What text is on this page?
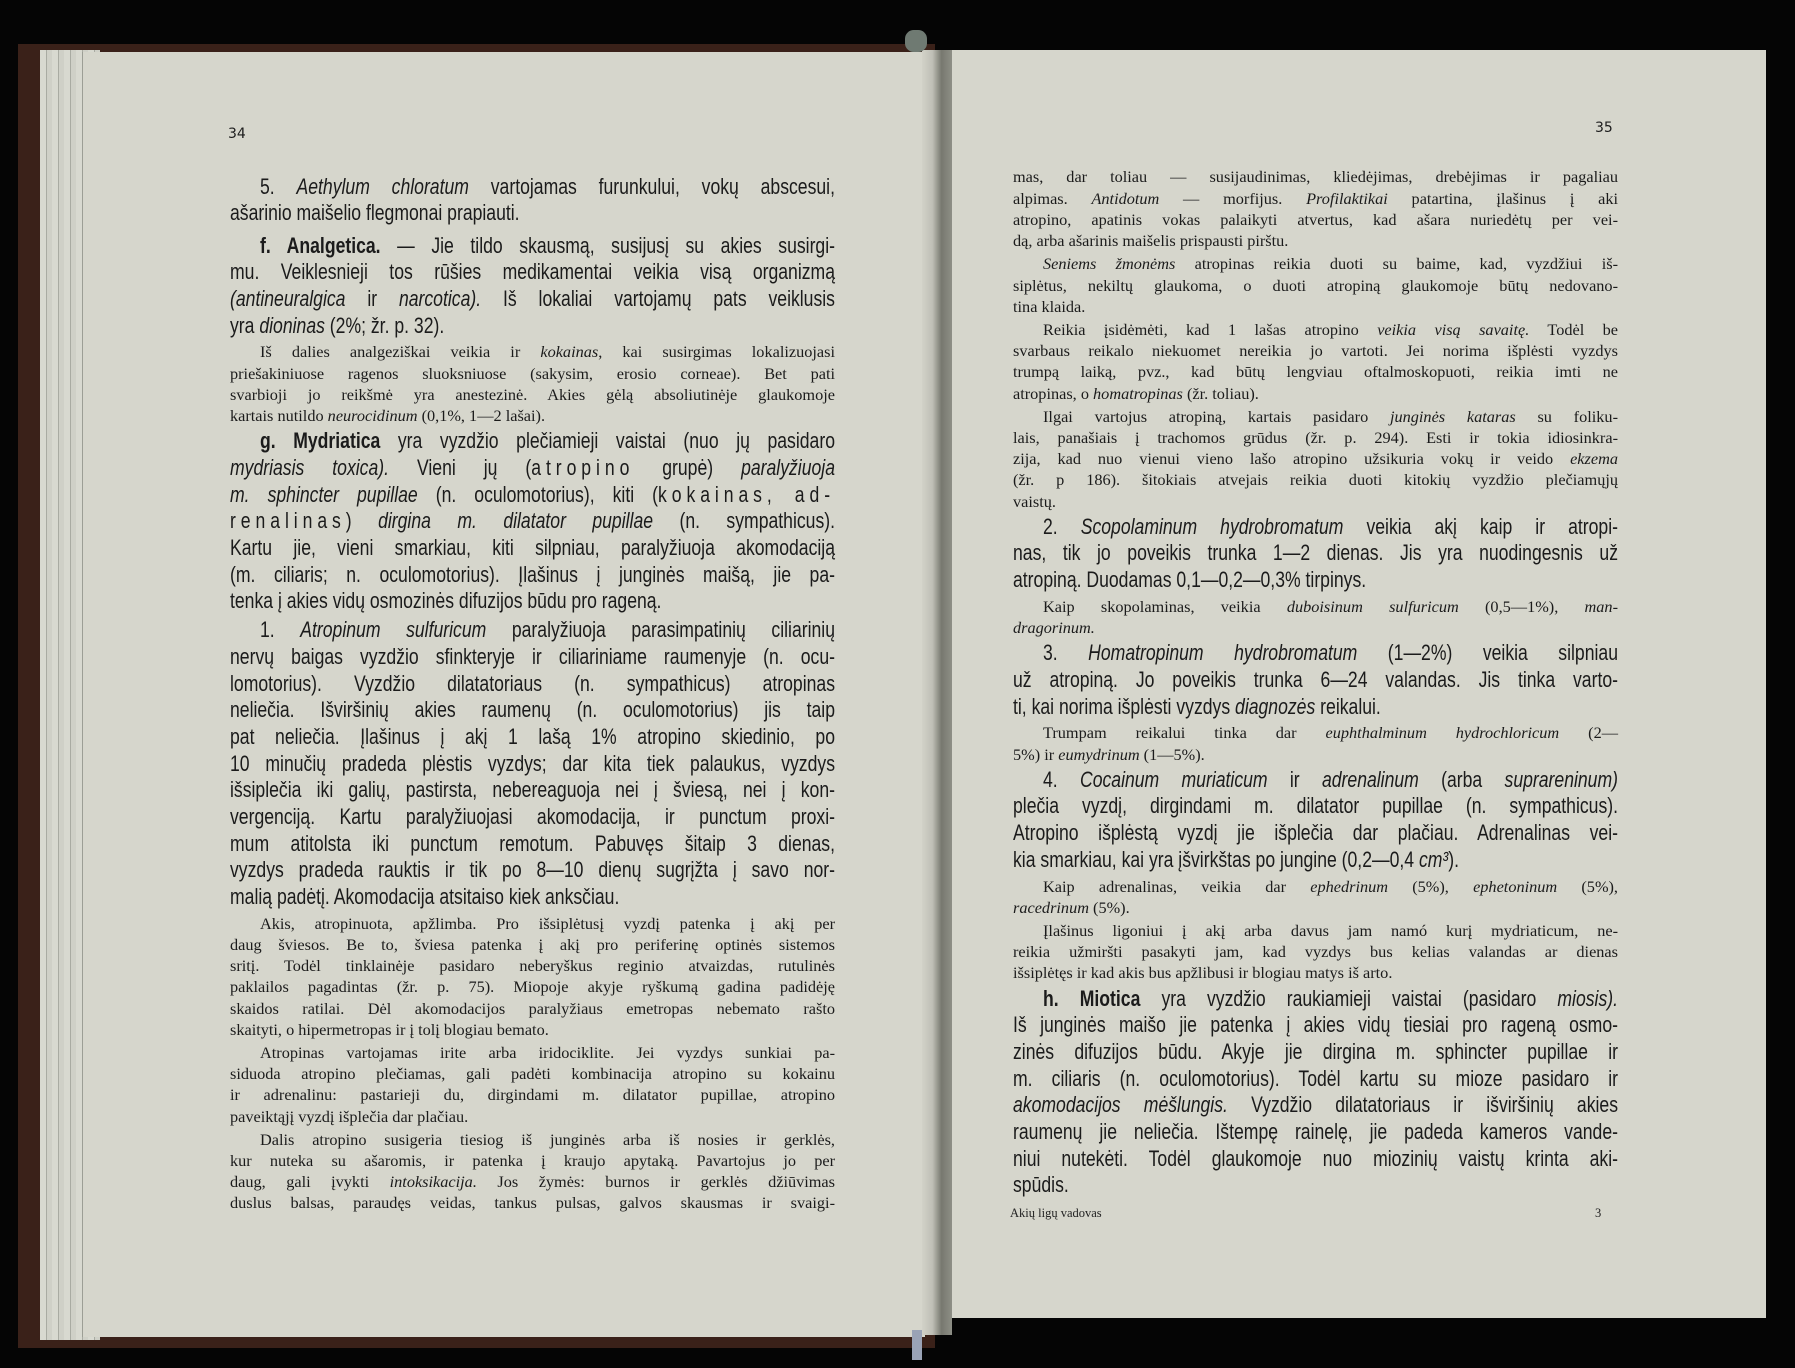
34
5. Aethylum chloratum vartojamas furunkului, vokų abscesui,
ašarinio maišelio flegmonai prapiauti.
f. Analgetica. — Jie tildo skausmą, susijusį su akies susirgi-
mu. Veiklesnieji tos rūšies medikamentai veikia visą organizmą
(antineuralgica ir narcotica). Iš lokaliai vartojamų pats veiklusis
yra dioninas (2%; žr. p. 32).
Iš dalies analgeziškai veikia ir kokainas, kai susirgimas lokalizuojasi
priešakiniuose ragenos sluoksniuose (sakysim, erosio corneae). Bet pati
svarbioji jo reikšmė yra anestezinė. Akies gėlą absoliutinėje glaukomoje
kartais nutildo neurocidinum (0,1%, 1—2 lašai).
g. Mydriatica yra vyzdžio plečiamieji vaistai (nuo jų pasidaro
mydriasis toxica). Vieni jų (atropino grupė) paralyžiuoja
m. sphincter pupillae (n. oculomotorius), kiti (kokainas, ad-
renalinas) dirgina m. dilatator pupillae (n. sympathicus).
Kartu jie, vieni smarkiau, kiti silpniau, paralyžiuoja akomodaciją
(m. ciliaris; n. oculomotorius). Įlašinus į junginės maišą, jie pa-
tenka į akies vidų osmozinės difuzijos būdu pro rageną.
1. Atropinum sulfuricum paralyžiuoja parasimpatinių ciliarinių
nervų baigas vyzdžio sfinkteryje ir ciliariniame raumenyje (n. ocu-
lomotorius). Vyzdžio dilatatoriaus (n. sympathicus) atropinas
neliečia. Išviršinių akies raumenų (n. oculomotorius) jis taip
pat neliečia. Įlašinus į akį 1 lašą 1% atropino skiedinio, po
10 minučių pradeda plėstis vyzdys; dar kita tiek palaukus, vyzdys
išsiplečia iki galių, pastirsta, nebereaguoja nei į šviesą, nei į kon-
vergenciją. Kartu paralyžiuojasi akomodacija, ir punctum proxi-
mum atitolsta iki punctum remotum. Pabuvęs šitaip 3 dienas,
vyzdys pradeda rauktis ir tik po 8—10 dienų sugrįžta į savo nor-
malią padėtį. Akomodacija atsitaiso kiek anksčiau.
Akis, atropinuota, apžlimba. Pro išsiplėtusį vyzdį patenka į akį per
daug šviesos. Be to, šviesa patenka į akį pro periferinę optinės sistemos
sritį. Todėl tinklainėje pasidaro neberyškus reginio atvaizdas, rutulinės
paklailos pagadintas (žr. p. 75). Miopoje akyje ryškumą gadina padidėję
skaidos ratilai. Dėl akomodacijos paralyžiaus emetropas nebemato rašto
skaityti, o hipermetropas ir į tolį blogiau bemato.
Atropinas vartojamas irite arba iridociklite. Jei vyzdys sunkiai pa-
siduoda atropino plečiamas, gali padėti kombinacija atropino su kokainu
ir adrenalinu: pastarieji du, dirgindami m. dilatator pupillae, atropino
paveiktąjį vyzdį išplečia dar plačiau.
Dalis atropino susigeria tiesiog iš junginės arba iš nosies ir gerklės,
kur nuteka su ašaromis, ir patenka į kraujo apytaką. Pavartojus jo per
daug, gali įvykti intoksikacija. Jos žymės: burnos ir gerklės džiūvimas
duslus balsas, paraudęs veidas, tankus pulsas, galvos skausmas ir svaigi-
35
Akių ligų vadovas	3
mas, dar toliau — susijaudinimas, kliedėjimas, drebėjimas ir pagaliau
alpimas. Antidotum — morfijus. Profilaktikai patartina, įlašinus į aki
atropino, apatinis vokas palaikyti atvertus, kad ašara nuriedėtų per vei-
dą, arba ašarinis maišelis prispausti pirštu.
Seniems žmonėms atropinas reikia duoti su baime, kad, vyzdžiui iš-
siplėtus, nekiltų glaukoma, o duoti atropiną glaukomoje būtų nedovano-
tina klaida.
Reikia įsidėmėti, kad 1 lašas atropino veikia visą savaitę. Todėl be
svarbaus reikalo niekuomet nereikia jo vartoti. Jei norima išplėsti vyzdys
trumpą laiką, pvz., kad būtų lengviau oftalmoskopuoti, reikia imti ne
atropinas, o homatropinas (žr. toliau).
Ilgai vartojus atropiną, kartais pasidaro junginės kataras su foliku-
lais, panašiais į trachomos grūdus (žr. p. 294). Esti ir tokia idiosinkra-
zija, kad nuo vienui vieno lašo atropino užsikuria vokų ir veido ekzema
(žr. p 186). šitokiais atvejais reikia duoti kitokių vyzdžio plečiamųjų
vaistų.
2. Scopolaminum hydrobromatum veikia akį kaip ir atropi-
nas, tik jo poveikis trunka 1—2 dienas. Jis yra nuodingesnis už
atropiną. Duodamas 0,1—0,2—0,3% tirpinys.
Kaip skopolaminas, veikia duboisinum sulfuricum (0,5—1%), man-
dragorinum.
3. Homatropinum hydrobromatum (1—2%) veikia silpniau
už atropiną. Jo poveikis trunka 6—24 valandas. Jis tinka varto-
ti, kai norima išplėsti vyzdys diagnozės reikalui.
Trumpam reikalui tinka dar euphthalminum hydrochloricum (2—
5%) ir eumydrinum (1—5%).
4. Cocainum muriaticum ir adrenalinum (arba suprareninum)
plečia vyzdį, dirgindami m. dilatator pupillae (n. sympathicus).
Atropino išplėstą vyzdį jie išplečia dar plačiau. Adrenalinas vei-
kia smarkiau, kai yra įšvirkštas po jungine (0,2—0,4 cm³).
Kaip adrenalinas, veikia dar ephedrinum (5%), ephetoninum (5%),
racedrinum (5%).
Įlašinus ligoniui į akį arba davus jam namó kurį mydriaticum, ne-
reikia užmiršti pasakyti jam, kad vyzdys bus kelias valandas ar dienas
išsiplėtęs ir kad akis bus apžlibusi ir blogiau matys iš arto.
h. Miotica yra vyzdžio raukiamieji vaistai (pasidaro miosis).
Iš junginės maišo jie patenka į akies vidų tiesiai pro rageną osmo-
zinės difuzijos būdu. Akyje jie dirgina m. sphincter pupillae ir
m. ciliaris (n. oculomotorius). Todėl kartu su mioze pasidaro ir
akomodacijos mėšlungis. Vyzdžio dilatatoriaus ir išviršinių akies
raumenų jie neliečia. Ištempę rainelę, jie padeda kameros vande-
niui nutekėti. Todėl glaukomoje nuo miozinių vaistų krinta aki-
spūdis.
